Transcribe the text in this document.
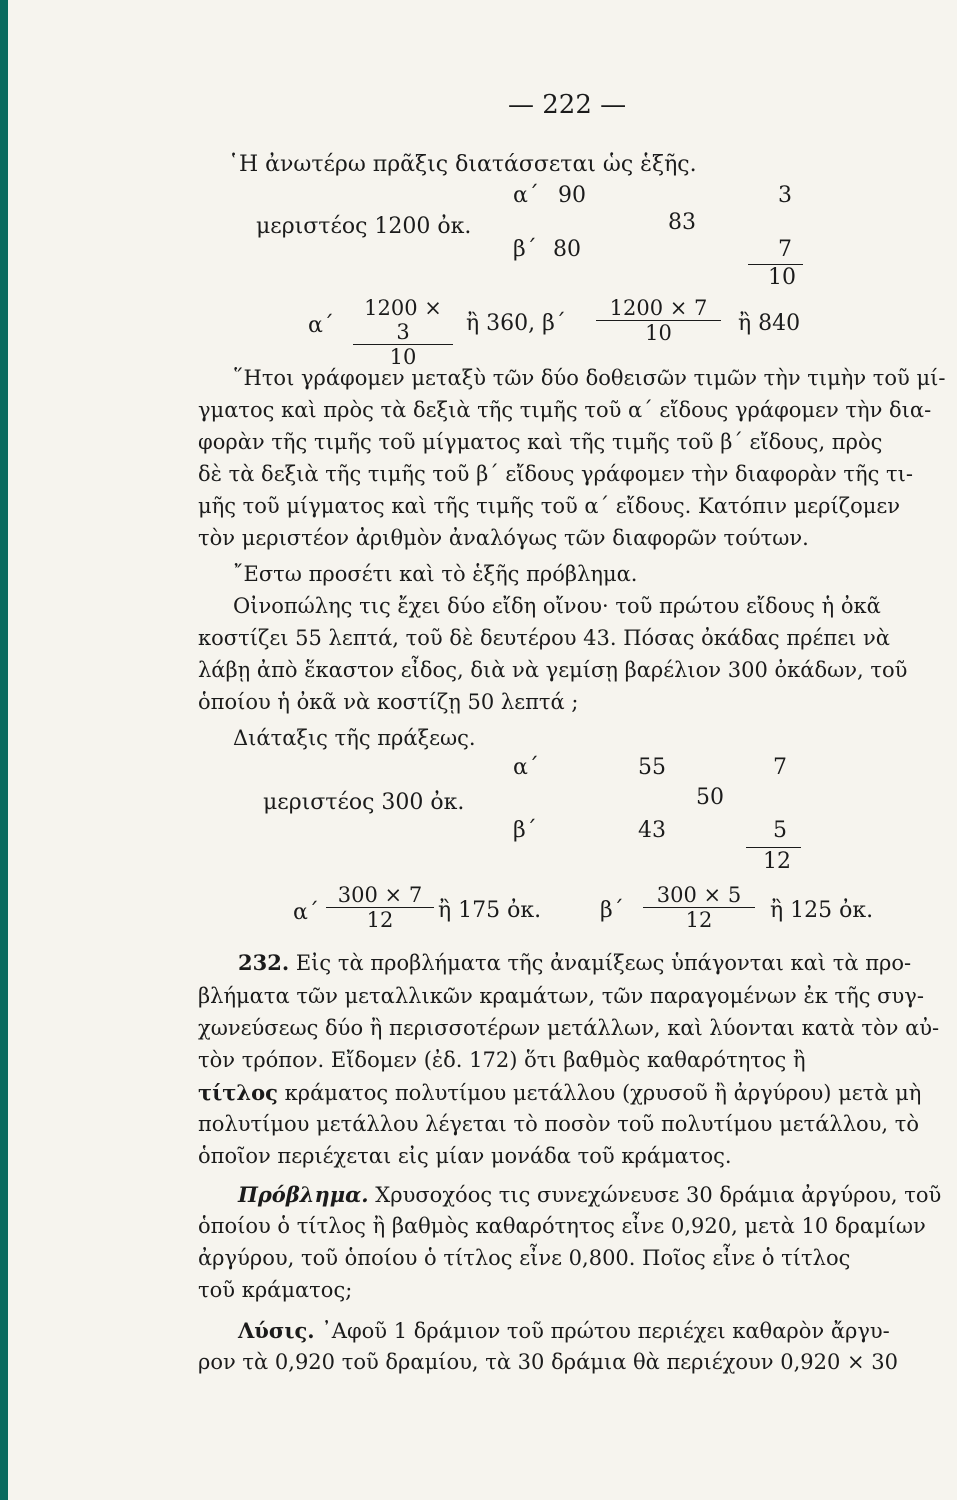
— 222 —
῾Η ἀνωτέρω πρᾶξις διατάσσεται ὡς ἑξῆς.
α΄ 90	3
μεριστέος 1200 ὀκ.	83
β΄ 80	7
10
$\alpha΄ \frac{1200 \times 3}{10}$ ἢ 360, $\beta΄ \frac{1200 \times 7}{10}$ ἢ 840
῞Ητοι γράφομεν μεταξὺ τῶν δύο δοθεισῶν τιμῶν τὴν τιμὴν τοῦ μί-
γματος καὶ πρὸς τὰ δεξιὰ τῆς τιμῆς τοῦ α΄ εἴδους γράφομεν τὴν δια-
φορὰν τῆς τιμῆς τοῦ μίγματος καὶ τῆς τιμῆς τοῦ β΄ εἴδους, πρὸς
δὲ τὰ δεξιὰ τῆς τιμῆς τοῦ β΄ εἴδους γράφομεν τὴν διαφορὰν τῆς τι-
μῆς τοῦ μίγματος καὶ τῆς τιμῆς τοῦ α΄ εἴδους. Κατόπιν μερίζομεν
τὸν μεριστέον ἀριθμὸν ἀναλόγως τῶν διαφορῶν τούτων.
῎Εστω προσέτι καὶ τὸ ἑξῆς πρόβλημα.
Οἰνοπώλης τις ἔχει δύο εἴδη οἴνου· τοῦ πρώτου εἴδους ἡ ὀκᾶ
κοστίζει 55 λεπτά, τοῦ δὲ δευτέρου 43. Πόσας ὀκάδας πρέπει νὰ
λάβῃ ἀπὸ ἕκαστον εἶδος, διὰ νὰ γεμίσῃ βαρέλιον 300 ὀκάδων, τοῦ
ὁποίου ἡ ὀκᾶ νὰ κοστίζῃ 50 λεπτά ;
Διάταξις τῆς πράξεως.
α΄	55	7
μεριστέος 300 ὀκ.	50
β΄	43	5
12
$\alpha΄ \frac{300 \times 7}{12}$ ἢ 175 ὀκ.	$\beta΄ \frac{300 \times 5}{12}$ ἢ 125 ὀκ.
232. Εἰς τὰ προβλήματα τῆς ἀναμίξεως ὑπάγονται καὶ τὰ προ-
βλήματα τῶν μεταλλικῶν κραμάτων, τῶν παραγομένων ἐκ τῆς συγ-
χωνεύσεως δύο ἢ περισσοτέρων μετάλλων, καὶ λύονται κατὰ τὸν αὐ-
τὸν τρόπον. Εἴδομεν (ἐδ. 172) ὅτι βαθμὸς καθαρότητος ἢ
τίτλος κράματος πολυτίμου μετάλλου (χρυσοῦ ἢ ἀργύρου) μετὰ μὴ
πολυτίμου μετάλλου λέγεται τὸ ποσὸν τοῦ πολυτίμου μετάλλου, τὸ
ὁποῖον περιέχεται εἰς μίαν μονάδα τοῦ κράματος.
Πρόβλημα. Χρυσοχόος τις συνεχώνευσε 30 δράμια ἀργύρου, τοῦ
ὁποίου ὁ τίτλος ἢ βαθμὸς καθαρότητος εἶνε 0,920, μετὰ 10 δραμίων
ἀργύρου, τοῦ ὁποίου ὁ τίτλος εἶνε 0,800. Ποῖος εἶνε ὁ τίτλος
τοῦ κράματος;
Λύσις. ᾿Αφοῦ 1 δράμιον τοῦ πρώτου περιέχει καθαρὸν ἄργυ-
ρον τὰ 0,920 τοῦ δραμίου, τὰ 30 δράμια θὰ περιέχουν 0,920 × 30
